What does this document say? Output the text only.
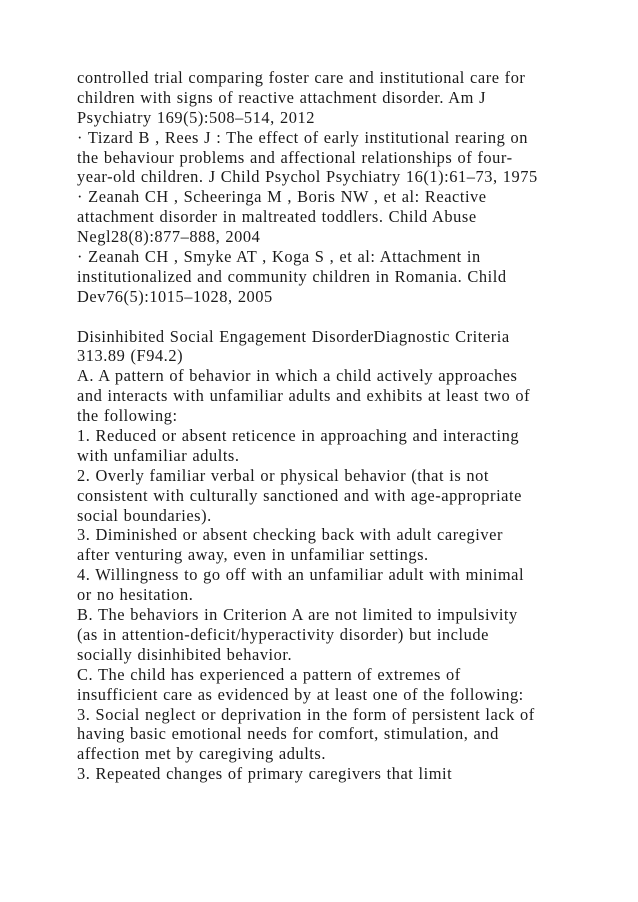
controlled trial comparing foster care and institutional care for
children with signs of reactive attachment disorder. Am J
Psychiatry 169(5):508–514, 2012
· Tizard B , Rees J : The effect of early institutional rearing on
the behaviour problems and affectional relationships of four-
year-old children. J Child Psychol Psychiatry 16(1):61–73, 1975
· Zeanah CH , Scheeringa M , Boris NW , et al: Reactive
attachment disorder in maltreated toddlers. Child Abuse
Negl28(8):877–888, 2004
· Zeanah CH , Smyke AT , Koga S , et al: Attachment in
institutionalized and community children in Romania. Child
Dev76(5):1015–1028, 2005
Disinhibited Social Engagement DisorderDiagnostic Criteria
313.89 (F94.2)
A. A pattern of behavior in which a child actively approaches
and interacts with unfamiliar adults and exhibits at least two of
the following:
1. Reduced or absent reticence in approaching and interacting
with unfamiliar adults.
2. Overly familiar verbal or physical behavior (that is not
consistent with culturally sanctioned and with age-appropriate
social boundaries).
3. Diminished or absent checking back with adult caregiver
after venturing away, even in unfamiliar settings.
4. Willingness to go off with an unfamiliar adult with minimal
or no hesitation.
B. The behaviors in Criterion A are not limited to impulsivity
(as in attention-deficit/hyperactivity disorder) but include
socially disinhibited behavior.
C. The child has experienced a pattern of extremes of
insufficient care as evidenced by at least one of the following:
3. Social neglect or deprivation in the form of persistent lack of
having basic emotional needs for comfort, stimulation, and
affection met by caregiving adults.
3. Repeated changes of primary caregivers that limit
